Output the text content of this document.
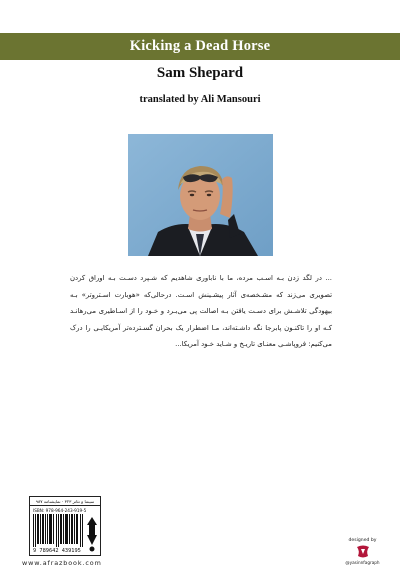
Kicking a Dead Horse
Sam Shepard
translated by Ali Mansouri
... در لگد زدن بـه اسـب مرده، ما با ناباوری شاهدیم که شـپرد دسـت بـه اوراق کردن تصویری می‌زند که مشـخصه‌ی آثار پیشـینش اسـت. درحالی‌که «هوبارت اسـتروتر» بـه بیهودگی تلاشـش برای دسـت یافتن بـه اصالت پی می‌بـرد و خـود را از اسـاطیری می‌رهانـد کـه او را تاکنـون پابرجا نگه داشـته‌اند، مـا اضطرار یک بحران گسـترده‌تر آمریکایـی را درک می‌کنیم: فروپاشـی معنـای تاریـخ و شـاید خـود آمریکا...
سینما و تئاتر ۳۲۳ · نمایشنامه ۹۸۷
ISBN: 978-964-243-919-5
9 789642 439195
www.afrazbook.com
designed by
@yasinnfagraph
